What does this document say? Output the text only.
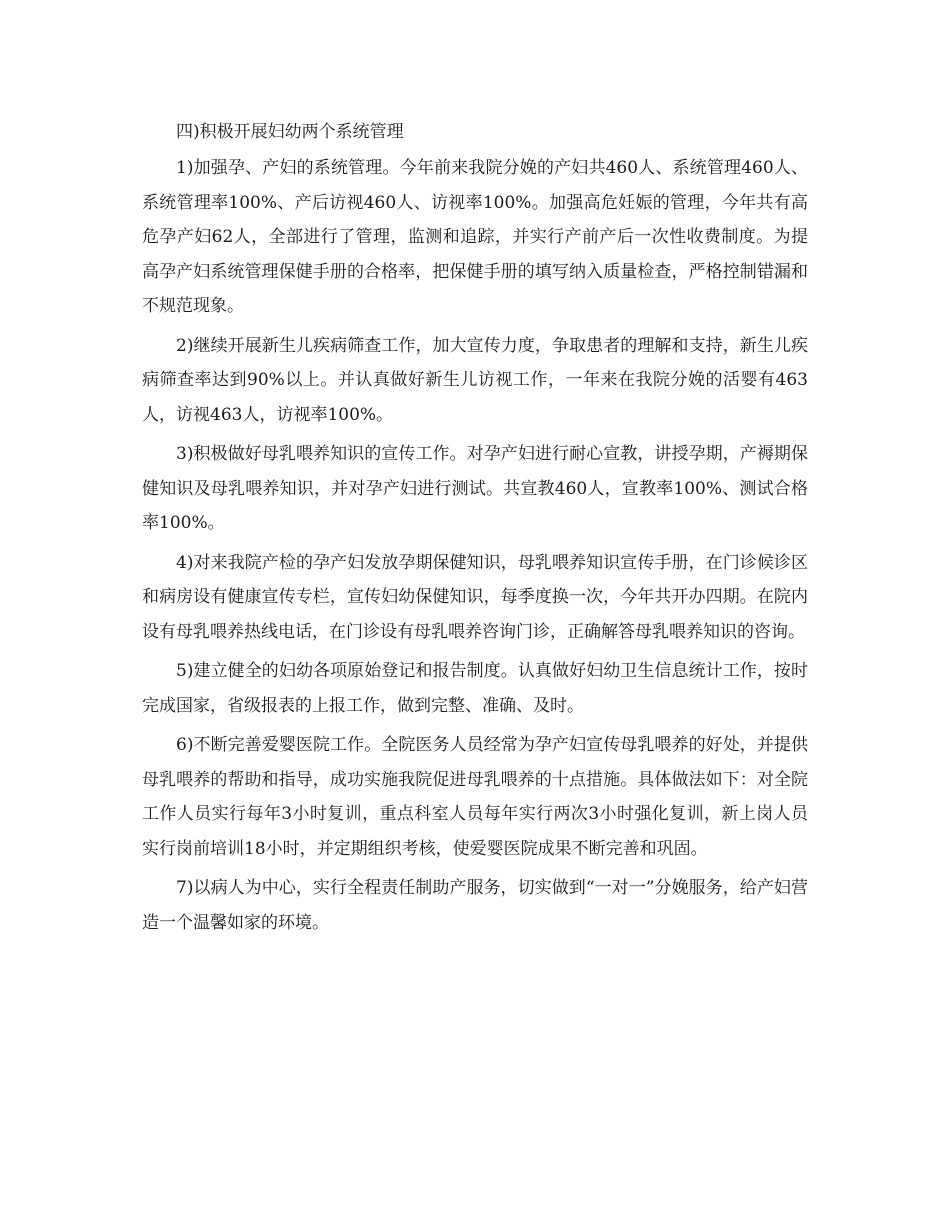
四)积极开展妇幼两个系统管理

1)加强孕、产妇的系统管理。今年前来我院分娩的产妇共460人、系统管理460人、系统管理率100%、产后访视460人、访视率100%。加强高危妊娠的管理，今年共有高危孕产妇62人，全部进行了管理，监测和追踪，并实行产前产后一次性收费制度。为提高孕产妇系统管理保健手册的合格率，把保健手册的填写纳入质量检查，严格控制错漏和不规范现象。

2)继续开展新生儿疾病筛查工作，加大宣传力度，争取患者的理解和支持，新生儿疾病筛查率达到90%以上。并认真做好新生儿访视工作，一年来在我院分娩的活婴有463人，访视463人，访视率100%。

3)积极做好母乳喂养知识的宣传工作。对孕产妇进行耐心宣教，讲授孕期，产褥期保健知识及母乳喂养知识，并对孕产妇进行测试。共宣教460人，宣教率100%、测试合格率100%。

4)对来我院产检的孕产妇发放孕期保健知识，母乳喂养知识宣传手册，在门诊候诊区和病房设有健康宣传专栏，宣传妇幼保健知识，每季度换一次，今年共开办四期。在院内设有母乳喂养热线电话，在门诊设有母乳喂养咨询门诊，正确解答母乳喂养知识的咨询。

5)建立健全的妇幼各项原始登记和报告制度。认真做好妇幼卫生信息统计工作，按时完成国家，省级报表的上报工作，做到完整、准确、及时。

6)不断完善爱婴医院工作。全院医务人员经常为孕产妇宣传母乳喂养的好处，并提供母乳喂养的帮助和指导，成功实施我院促进母乳喂养的十点措施。具体做法如下：对全院工作人员实行每年3小时复训，重点科室人员每年实行两次3小时强化复训，新上岗人员实行岗前培训18小时，并定期组织考核，使爱婴医院成果不断完善和巩固。

7)以病人为中心，实行全程责任制助产服务，切实做到“一对一”分娩服务，给产妇营造一个温馨如家的环境。
